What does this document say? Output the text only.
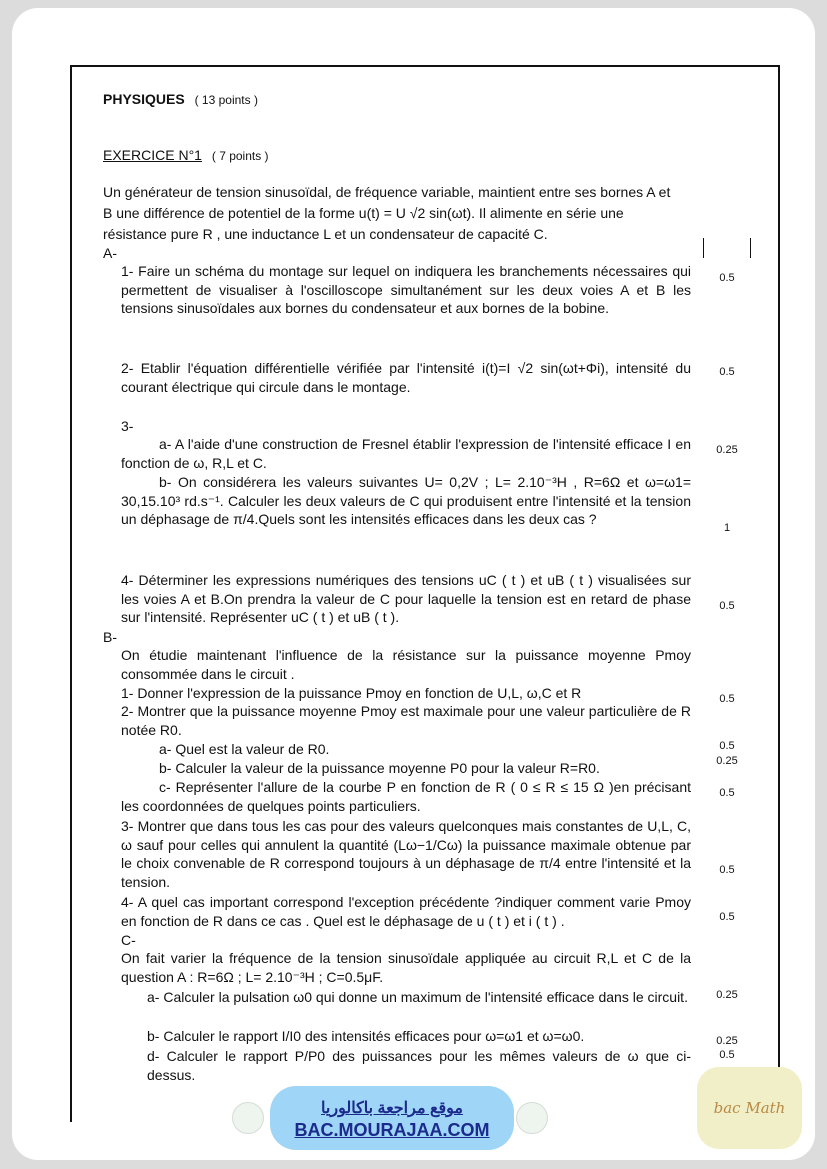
PHYSIQUES ( 13 points )
EXERCICE N°1 ( 7 points )
Un générateur de tension sinusoïdal, de fréquence variable, maintient entre ses bornes A et
B une différence de potentiel de la forme u(t) = U √2 sin(ωt). Il alimente en série une
résistance pure R , une inductance L et un condensateur de capacité C.
A-
1- Faire un schéma du montage sur lequel on indiquera les branchements nécessaires qui permettent de visualiser à l'oscilloscope simultanément sur les deux voies A et B les tensions sinusoïdales aux bornes du condensateur et aux bornes de la bobine.
2- Etablir l'équation différentielle vérifiée par l'intensité i(t)=I √2 sin(ωt+Φi), intensité du courant électrique qui circule dans le montage.
3-
a- A l'aide d'une construction de Fresnel établir l'expression de l'intensité efficace I en fonction de ω, R,L et C.
b- On considérera les valeurs suivantes U= 0,2V ; L= 2.10⁻³H , R=6Ω et ω=ω1= 30,15.10³ rd.s⁻¹. Calculer les deux valeurs de C qui produisent entre l'intensité et la tension un déphasage de π/4.Quels sont les intensités efficaces dans les deux cas ?
4- Déterminer les expressions numériques des tensions uC ( t ) et uB ( t ) visualisées sur les voies A et B.On prendra la valeur de C pour laquelle la tension est en retard de phase sur l'intensité. Représenter uC ( t ) et uB ( t ).
B-
On étudie maintenant l'influence de la résistance sur la puissance moyenne Pmoy consommée dans le circuit .
1- Donner l'expression de la puissance Pmoy en fonction de U,L, ω,C et R
2- Montrer que la puissance moyenne Pmoy est maximale pour une valeur particulière de R notée R0.
a- Quel est la valeur de R0.
b- Calculer la valeur de la puissance moyenne P0 pour la valeur R=R0.
c- Représenter l'allure de la courbe P en fonction de R ( 0 ≤ R ≤ 15 Ω )en précisant les coordonnées de quelques points particuliers.
3- Montrer que dans tous les cas pour des valeurs quelconques mais constantes de U,L, C, ω sauf pour celles qui annulent la quantité (Lω−1/Cω) la puissance maximale obtenue par le choix convenable de R correspond toujours à un déphasage de π/4 entre l'intensité et la tension.
4- A quel cas important correspond l'exception précédente ?indiquer comment varie Pmoy en fonction de R dans ce cas . Quel est le déphasage de u ( t ) et i ( t ) .
C-
On fait varier la fréquence de la tension sinusoïdale appliquée au circuit R,L et C de la question A : R=6Ω ; L= 2.10⁻³H ; C=0.5μF.
a- Calculer la pulsation ω0 qui donne un maximum de l'intensité efficace dans le circuit.
b- Calculer le rapport I/I0 des intensités efficaces pour ω=ω1 et ω=ω0.
d- Calculer le rapport P/P0 des puissances pour les mêmes valeurs de ω que ci- dessus.
0.5
0.5
0.25
1
0.5
0.5
0.5
0.25
0.5
0.5
0.5
0.25
0.25
0.5
موقع مراجعة باكالوريا
BAC.MOURAJAA.COM
bac Math
